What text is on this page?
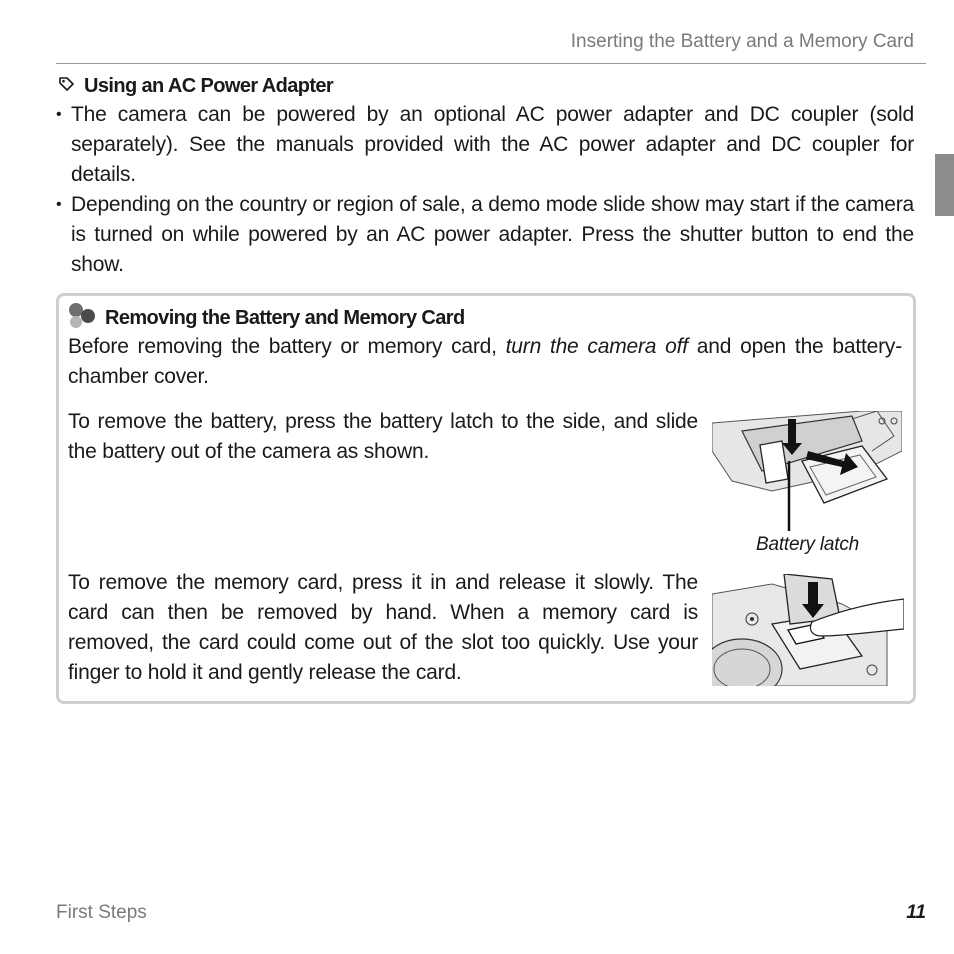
Inserting the Battery and a Memory Card
Using an AC Power Adapter
• The camera can be powered by an optional AC power adapter and DC coupler (sold separately). See the manuals provided with the AC power adapter and DC coupler for details.
• Depending on the country or region of sale, a demo mode slide show may start if the camera is turned on while powered by an AC power adapter. Press the shutter button to end the show.
Removing the Battery and Memory Card

Before removing the battery or memory card, turn the camera off and open the battery-chamber cover.

To remove the battery, press the battery latch to the side, and slide the battery out of the camera as shown.

Battery latch

To remove the memory card, press it in and release it slowly. The card can then be removed by hand. When a memory card is removed, the card could come out of the slot too quickly. Use your finger to hold it and gently release the card.

First Steps	11
